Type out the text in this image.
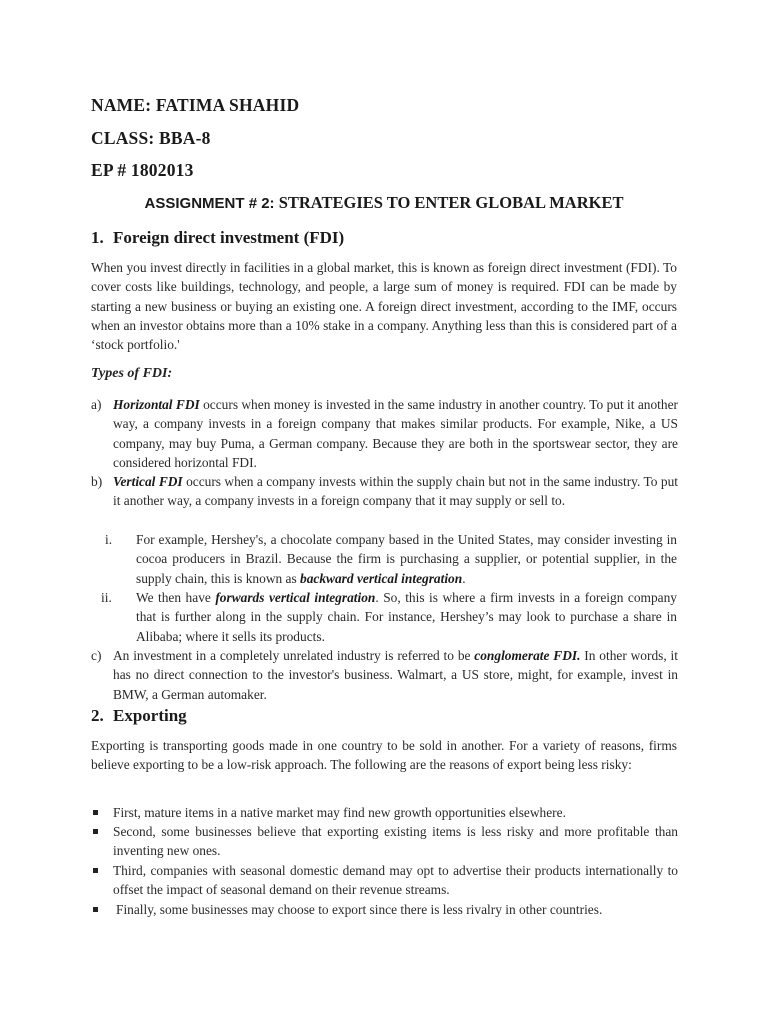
NAME: FATIMA SHAHID
CLASS: BBA-8
EP # 1802013
ASSIGNMENT # 2: STRATEGIES TO ENTER GLOBAL MARKET
1. Foreign direct investment (FDI)
When you invest directly in facilities in a global market, this is known as foreign direct investment (FDI). To cover costs like buildings, technology, and people, a large sum of money is required. FDI can be made by starting a new business or buying an existing one. A foreign direct investment, according to the IMF, occurs when an investor obtains more than a 10% stake in a company. Anything less than this is considered part of a ‘stock portfolio.'
Types of FDI:
a) Horizontal FDI occurs when money is invested in the same industry in another country. To put it another way, a company invests in a foreign company that makes similar products. For example, Nike, a US company, may buy Puma, a German company. Because they are both in the sportswear sector, they are considered horizontal FDI.
b) Vertical FDI occurs when a company invests within the supply chain but not in the same industry. To put it another way, a company invests in a foreign company that it may supply or sell to.
i. For example, Hershey's, a chocolate company based in the United States, may consider investing in cocoa producers in Brazil. Because the firm is purchasing a supplier, or potential supplier, in the supply chain, this is known as backward vertical integration.
ii. We then have forwards vertical integration. So, this is where a firm invests in a foreign company that is further along in the supply chain. For instance, Hershey’s may look to purchase a share in Alibaba; where it sells its products.
c) An investment in a completely unrelated industry is referred to be conglomerate FDI. In other words, it has no direct connection to the investor's business. Walmart, a US store, might, for example, invest in BMW, a German automaker.
2. Exporting
Exporting is transporting goods made in one country to be sold in another. For a variety of reasons, firms believe exporting to be a low-risk approach. The following are the reasons of export being less risky:
First, mature items in a native market may find new growth opportunities elsewhere.
Second, some businesses believe that exporting existing items is less risky and more profitable than inventing new ones.
Third, companies with seasonal domestic demand may opt to advertise their products internationally to offset the impact of seasonal demand on their revenue streams.
Finally, some businesses may choose to export since there is less rivalry in other countries.
